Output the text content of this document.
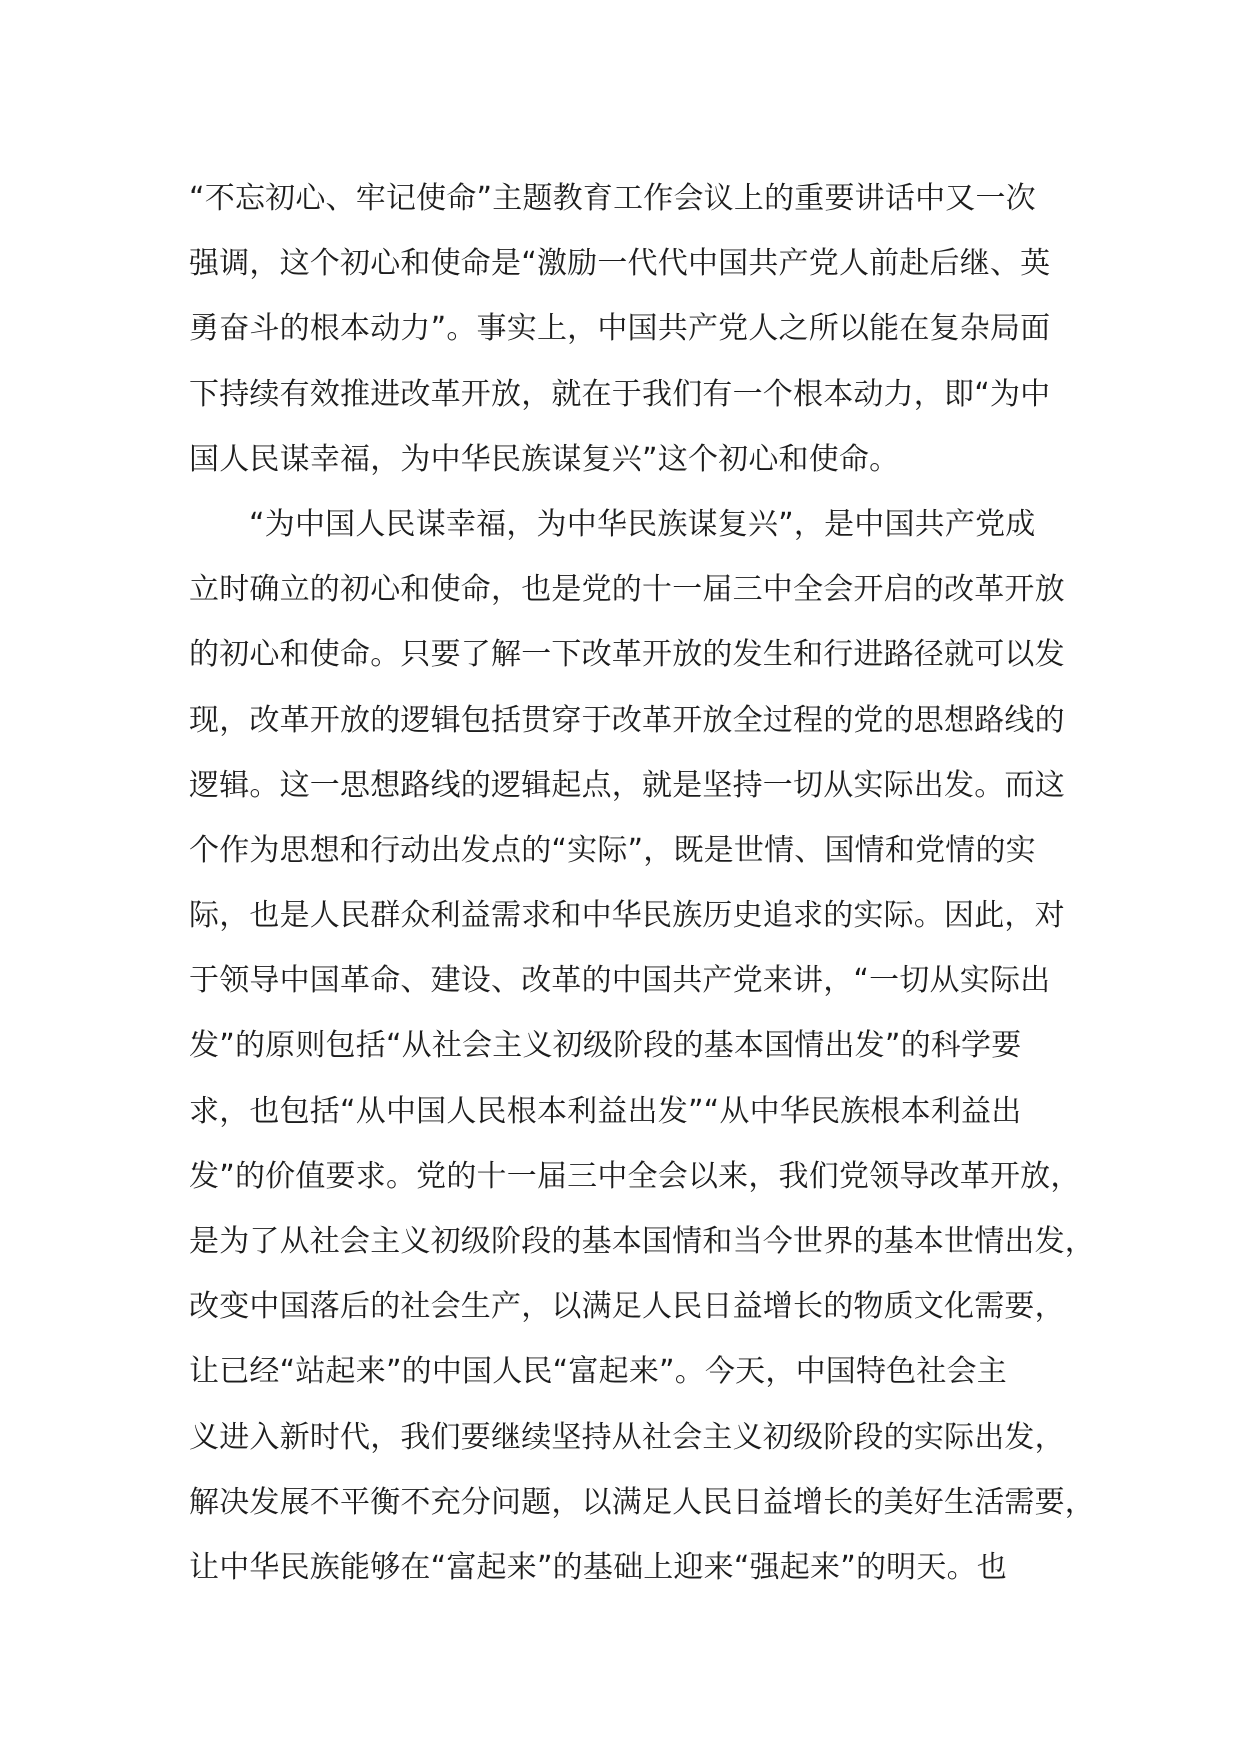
“不忘初心、牢记使命”主题教育工作会议上的重要讲话中又一次
强调，这个初心和使命是“激励一代代中国共产党人前赴后继、英
勇奋斗的根本动力”。事实上，中国共产党人之所以能在复杂局面
下持续有效推进改革开放，就在于我们有一个根本动力，即“为中
国人民谋幸福，为中华民族谋复兴”这个初心和使命。
“为中国人民谋幸福，为中华民族谋复兴”，是中国共产党成
立时确立的初心和使命，也是党的十一届三中全会开启的改革开放
的初心和使命。只要了解一下改革开放的发生和行进路径就可以发
现，改革开放的逻辑包括贯穿于改革开放全过程的党的思想路线的
逻辑。这一思想路线的逻辑起点，就是坚持一切从实际出发。而这
个作为思想和行动出发点的“实际”，既是世情、国情和党情的实
际，也是人民群众利益需求和中华民族历史追求的实际。因此，对
于领导中国革命、建设、改革的中国共产党来讲，“一切从实际出
发”的原则包括“从社会主义初级阶段的基本国情出发”的科学要
求，也包括“从中国人民根本利益出发”“从中华民族根本利益出
发”的价值要求。党的十一届三中全会以来，我们党领导改革开放，
是为了从社会主义初级阶段的基本国情和当今世界的基本世情出发，
改变中国落后的社会生产，以满足人民日益增长的物质文化需要，
让已经“站起来”的中国人民“富起来”。今天，中国特色社会主
义进入新时代，我们要继续坚持从社会主义初级阶段的实际出发，
解决发展不平衡不充分问题，以满足人民日益增长的美好生活需要，
让中华民族能够在“富起来”的基础上迎来“强起来”的明天。也
